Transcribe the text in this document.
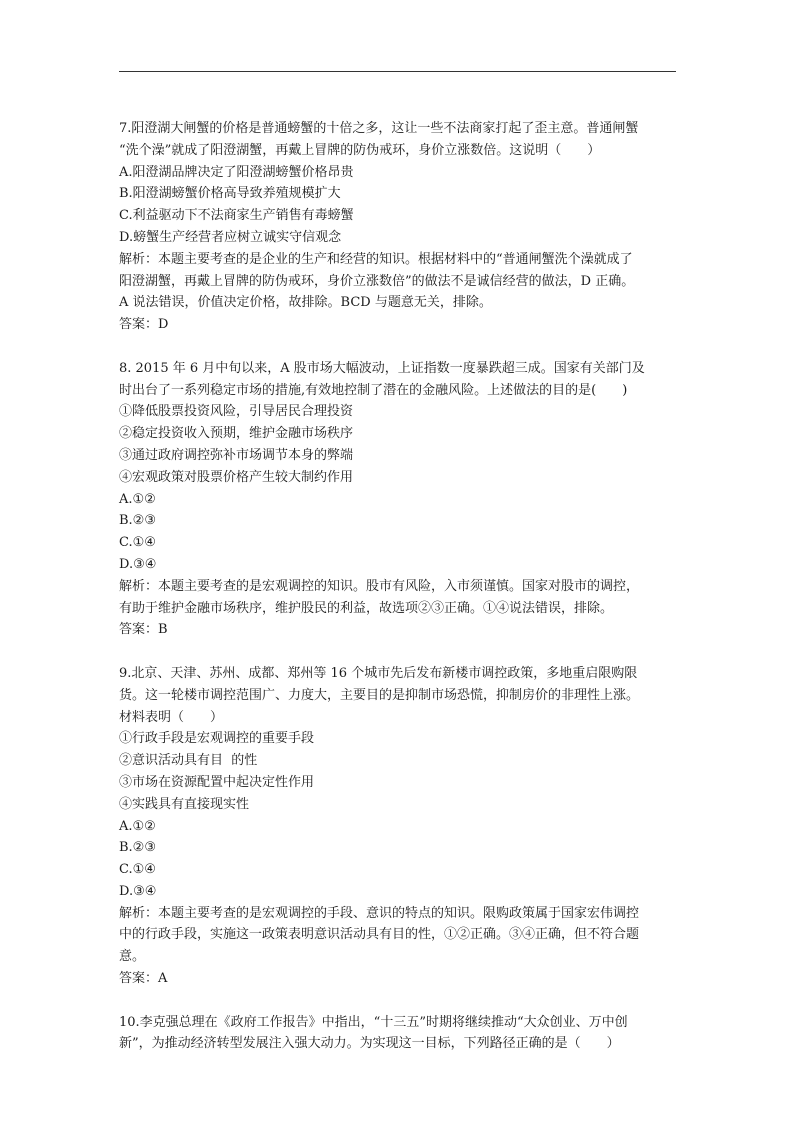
7.阳澄湖大闸蟹的价格是普通螃蟹的十倍之多，这让一些不法商家打起了歪主意。普通闸蟹
“洗个澡”就成了阳澄湖蟹，再戴上冒牌的防伪戒环，身价立涨数倍。这说明（　　）
A.阳澄湖品牌决定了阳澄湖螃蟹价格昂贵
B.阳澄湖螃蟹价格高导致养殖规模扩大
C.利益驱动下不法商家生产销售有毒螃蟹
D.螃蟹生产经营者应树立诚实守信观念
解析：本题主要考查的是企业的生产和经营的知识。根据材料中的“普通闸蟹洗个澡就成了
阳澄湖蟹，再戴上冒牌的防伪戒环，身价立涨数倍”的做法不是诚信经营的做法，D 正确。
A 说法错误，价值决定价格，故排除。BCD 与题意无关，排除。
答案：D
8. 2015 年 6 月中旬以来，A 股市场大幅波动，上证指数一度暴跌超三成。国家有关部门及
时出台了一系列稳定市场的措施,有效地控制了潜在的金融风险。上述做法的目的是(　　)
①降低股票投资风险，引导居民合理投资
②稳定投资收入预期，维护金融市场秩序
③通过政府调控弥补市场调节本身的弊端
④宏观政策对股票价格产生较大制约作用
A.①②
B.②③
C.①④
D.③④
解析：本题主要考查的是宏观调控的知识。股市有风险，入市须谨慎。国家对股市的调控，
有助于维护金融市场秩序，维护股民的利益，故选项②③正确。①④说法错误，排除。
答案：B
9.北京、天津、苏州、成都、郑州等 16 个城市先后发布新楼市调控政策，多地重启限购限
货。这一轮楼市调控范围广、力度大，主要目的是抑制市场恐慌，抑制房价的非理性上涨。
材料表明（　　）
①行政手段是宏观调控的重要手段
②意识活动具有目  的性
③市场在资源配置中起决定性作用
④实践具有直接现实性
A.①②
B.②③
C.①④
D.③④
解析：本题主要考查的是宏观调控的手段、意识的特点的知识。限购政策属于国家宏伟调控
中的行政手段，实施这一政策表明意识活动具有目的性，①②正确。③④正确，但不符合题
意。
答案：A
10.李克强总理在《政府工作报告》中指出，“十三五”时期将继续推动“大众创业、万中创
新”，为推动经济转型发展注入强大动力。为实现这一目标，下列路径正确的是（　　）
